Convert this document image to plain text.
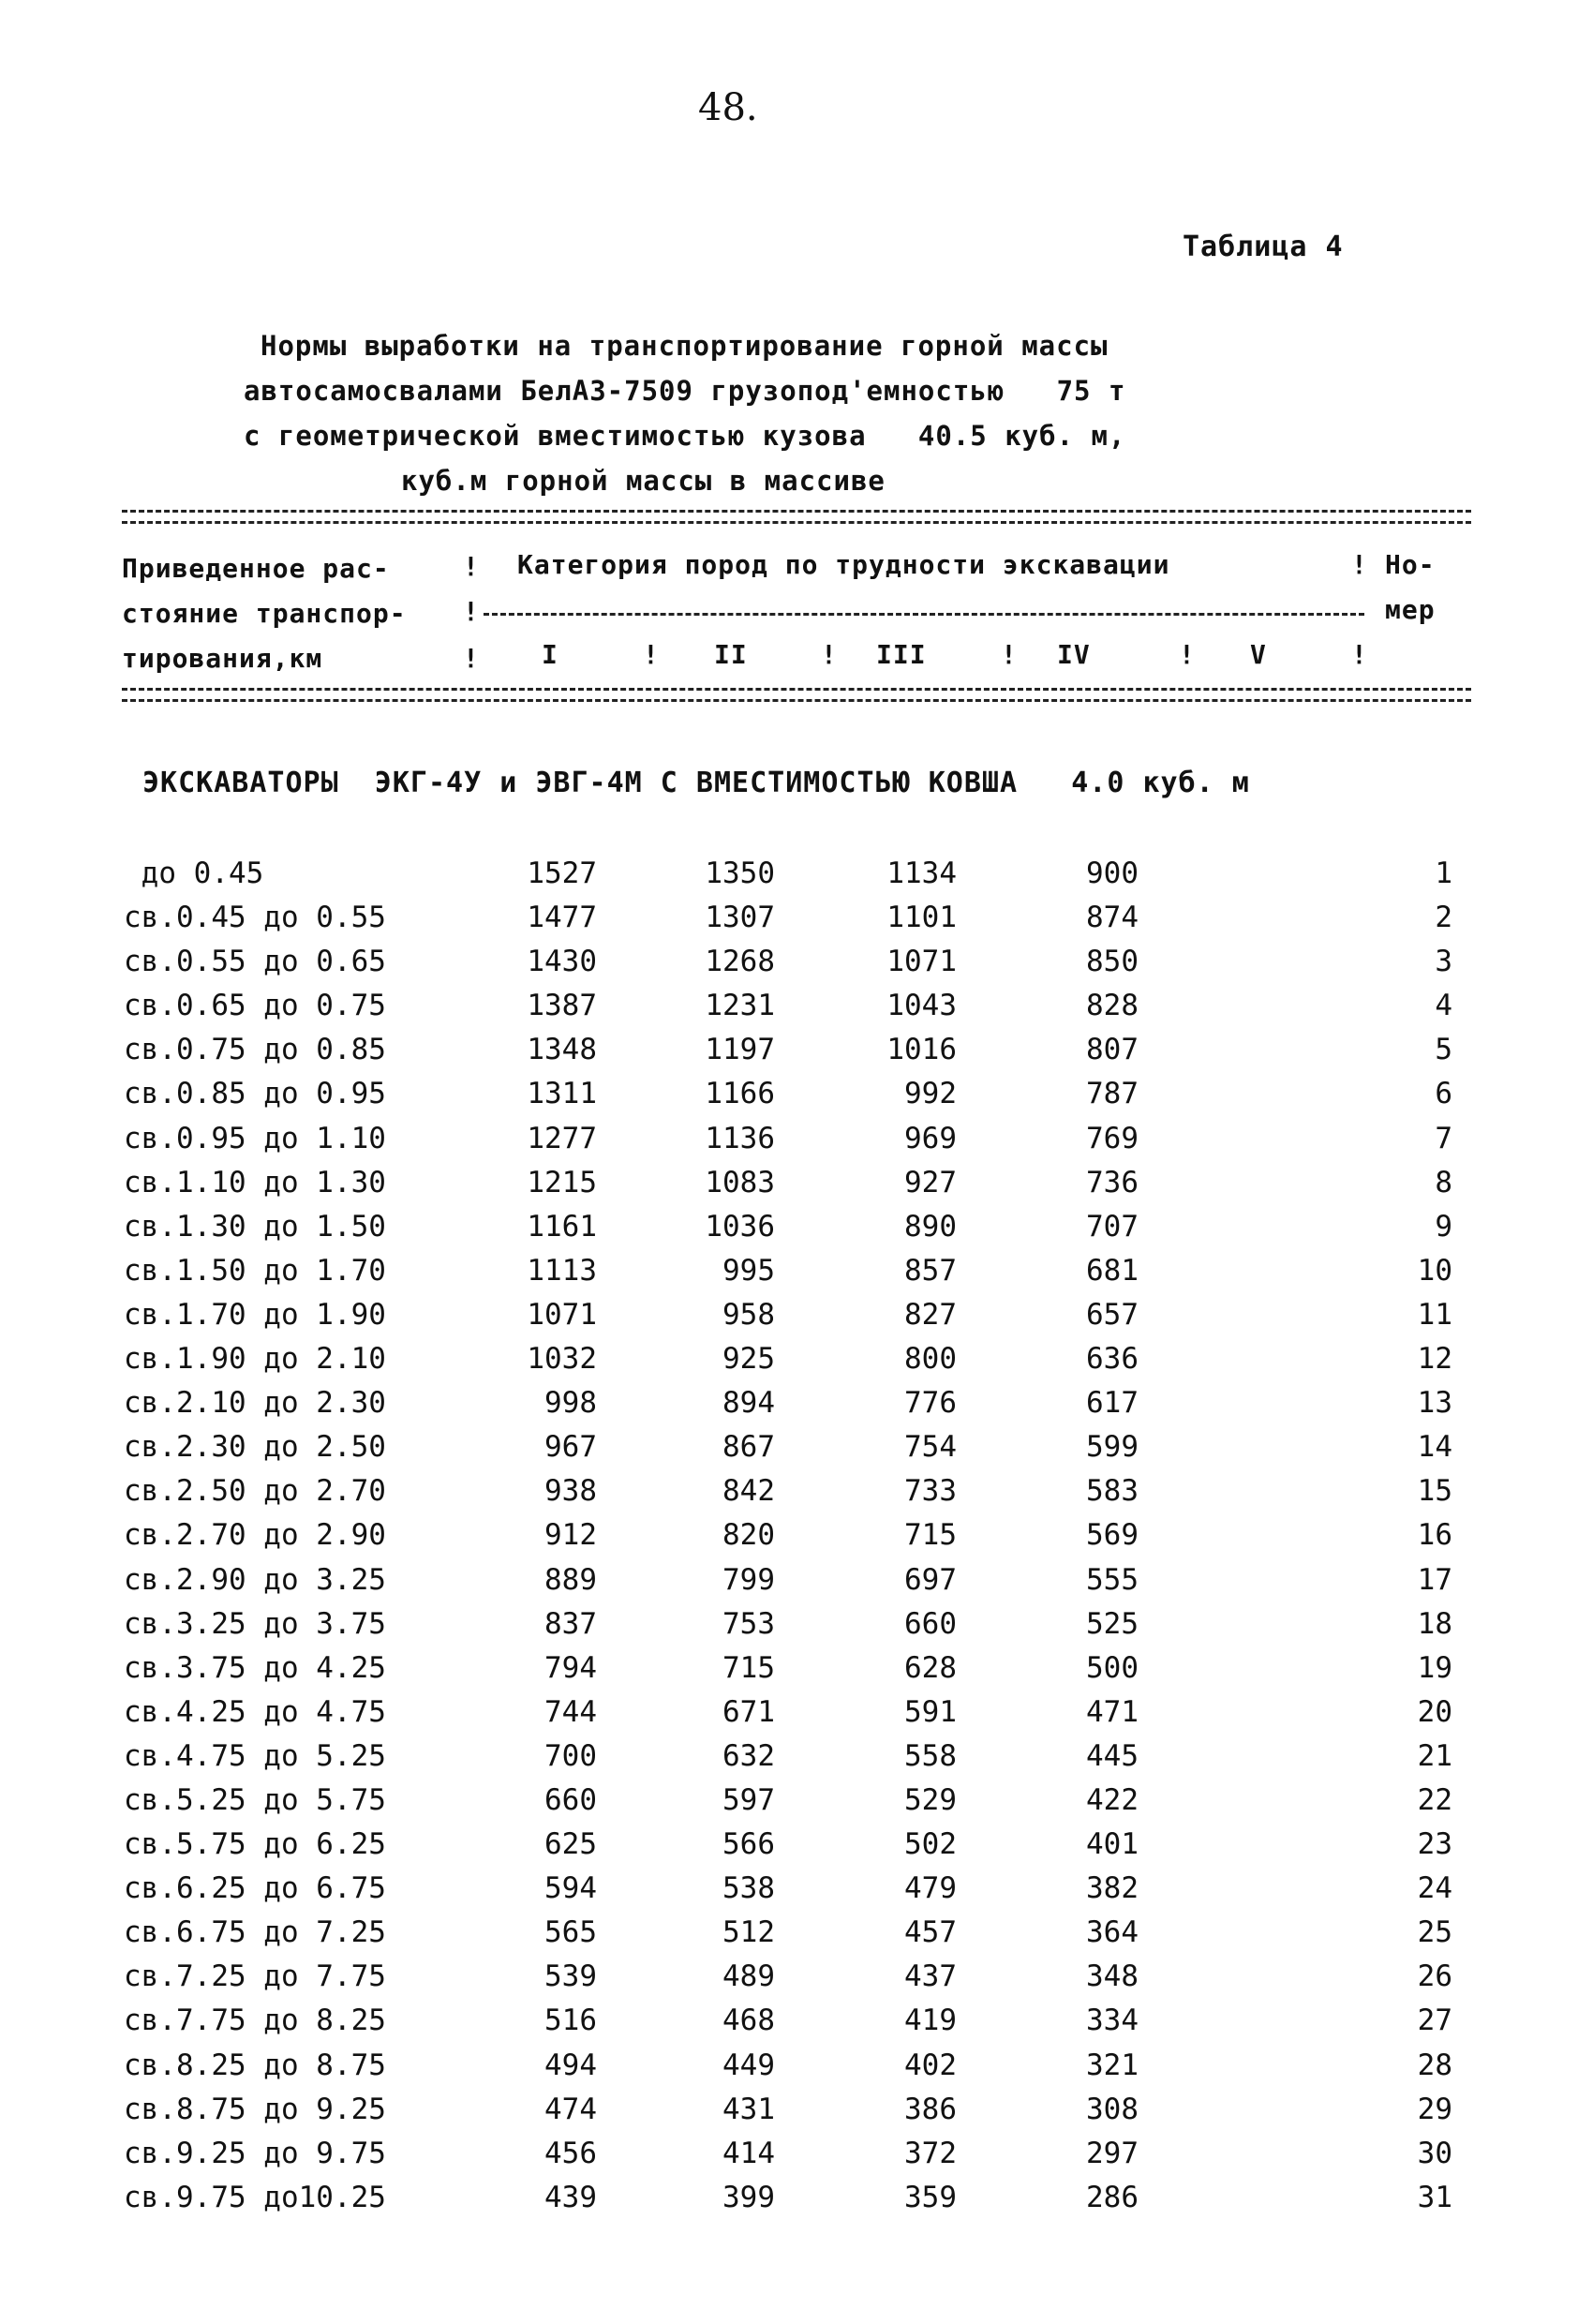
48.
Таблица 4
Нормы выработки на транспортирование горной массы
автосамосвалами БелАЗ-7509 грузопод'емностью   75 т
с геометрической вместимостью кузова   40.5 куб. м,
куб.м горной массы в массиве
Приведенное рас-
стояние транспор-
тирования,км
!
!
!
Категория пород по трудности экскавации
I	! II	! III	! IV	! V	!
! Но-
мер
ЭКСКАВАТОРЫ  ЭКГ-4У и ЭВГ-4М С ВМЕСТИМОСТЬЮ КОВША   4.0 куб. м
до 0.45	1527	1350	1134	900	1
св.0.45 до 0.55	1477	1307	1101	874	2
св.0.55 до 0.65	1430	1268	1071	850	3
св.0.65 до 0.75	1387	1231	1043	828	4
св.0.75 до 0.85	1348	1197	1016	807	5
св.0.85 до 0.95	1311	1166	992	787	6
св.0.95 до 1.10	1277	1136	969	769	7
св.1.10 до 1.30	1215	1083	927	736	8
св.1.30 до 1.50	1161	1036	890	707	9
св.1.50 до 1.70	1113	995	857	681	10
св.1.70 до 1.90	1071	958	827	657	11
св.1.90 до 2.10	1032	925	800	636	12
св.2.10 до 2.30	998	894	776	617	13
св.2.30 до 2.50	967	867	754	599	14
св.2.50 до 2.70	938	842	733	583	15
св.2.70 до 2.90	912	820	715	569	16
св.2.90 до 3.25	889	799	697	555	17
св.3.25 до 3.75	837	753	660	525	18
св.3.75 до 4.25	794	715	628	500	19
св.4.25 до 4.75	744	671	591	471	20
св.4.75 до 5.25	700	632	558	445	21
св.5.25 до 5.75	660	597	529	422	22
св.5.75 до 6.25	625	566	502	401	23
св.6.25 до 6.75	594	538	479	382	24
св.6.75 до 7.25	565	512	457	364	25
св.7.25 до 7.75	539	489	437	348	26
св.7.75 до 8.25	516	468	419	334	27
св.8.25 до 8.75	494	449	402	321	28
св.8.75 до 9.25	474	431	386	308	29
св.9.25 до 9.75	456	414	372	297	30
св.9.75 до10.25	439	399	359	286	31
